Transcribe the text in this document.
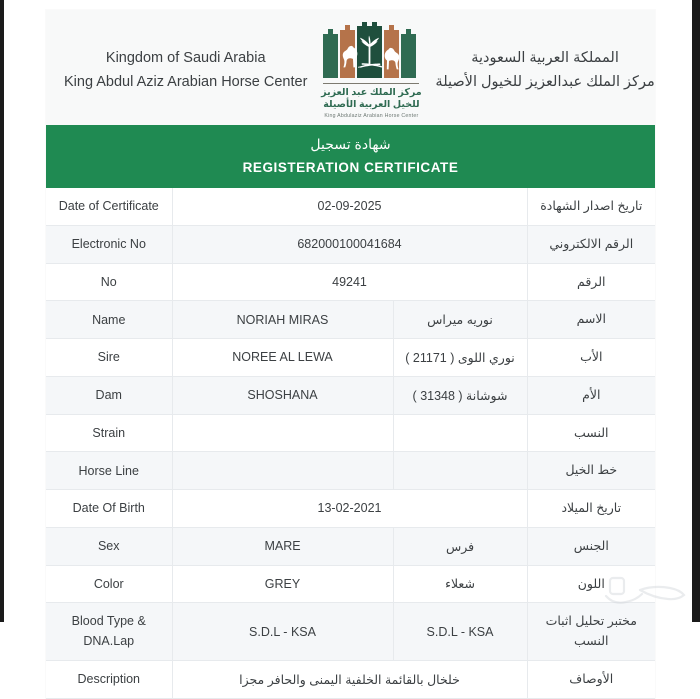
Kingdom of Saudi Arabia
King Abdul Aziz Arabian Horse Center
مركز الملك عبد العزيز
للخيل العربية الأصيلة
King Abdulaziz Arabian Horse Center
المملكة العربية السعودية
مركز الملك عبدالعزيز للخيول الأصيلة
شهادة تسجيل
REGISTERATION CERTIFICATE
Date of Certificate	02-09-2025		تاريخ اصدار الشهادة
Electronic No	682000100041684		الرقم الالكتروني
No	49241		الرقم
Name	NORIAH MIRAS	نوريه ميراس	الاسم
Sire	NOREE AL LEWA	نوري اللوى ( 21171 )	الأب
Dam	SHOSHANA	شوشانة ( 31348 )	الأم
Strain			النسب
Horse Line			خط الخيل
Date Of Birth	13-02-2021		تاريخ الميلاد
Sex	MARE	فرس	الجنس
Color	GREY	شعلاء	اللون
Blood Type & DNA.Lap	S.D.L - KSA	S.D.L - KSA	مختبر تحليل اثبات النسب
Description	خلخال بالقائمة الخلفية اليمنى والحافر مجزا		الأوصاف
